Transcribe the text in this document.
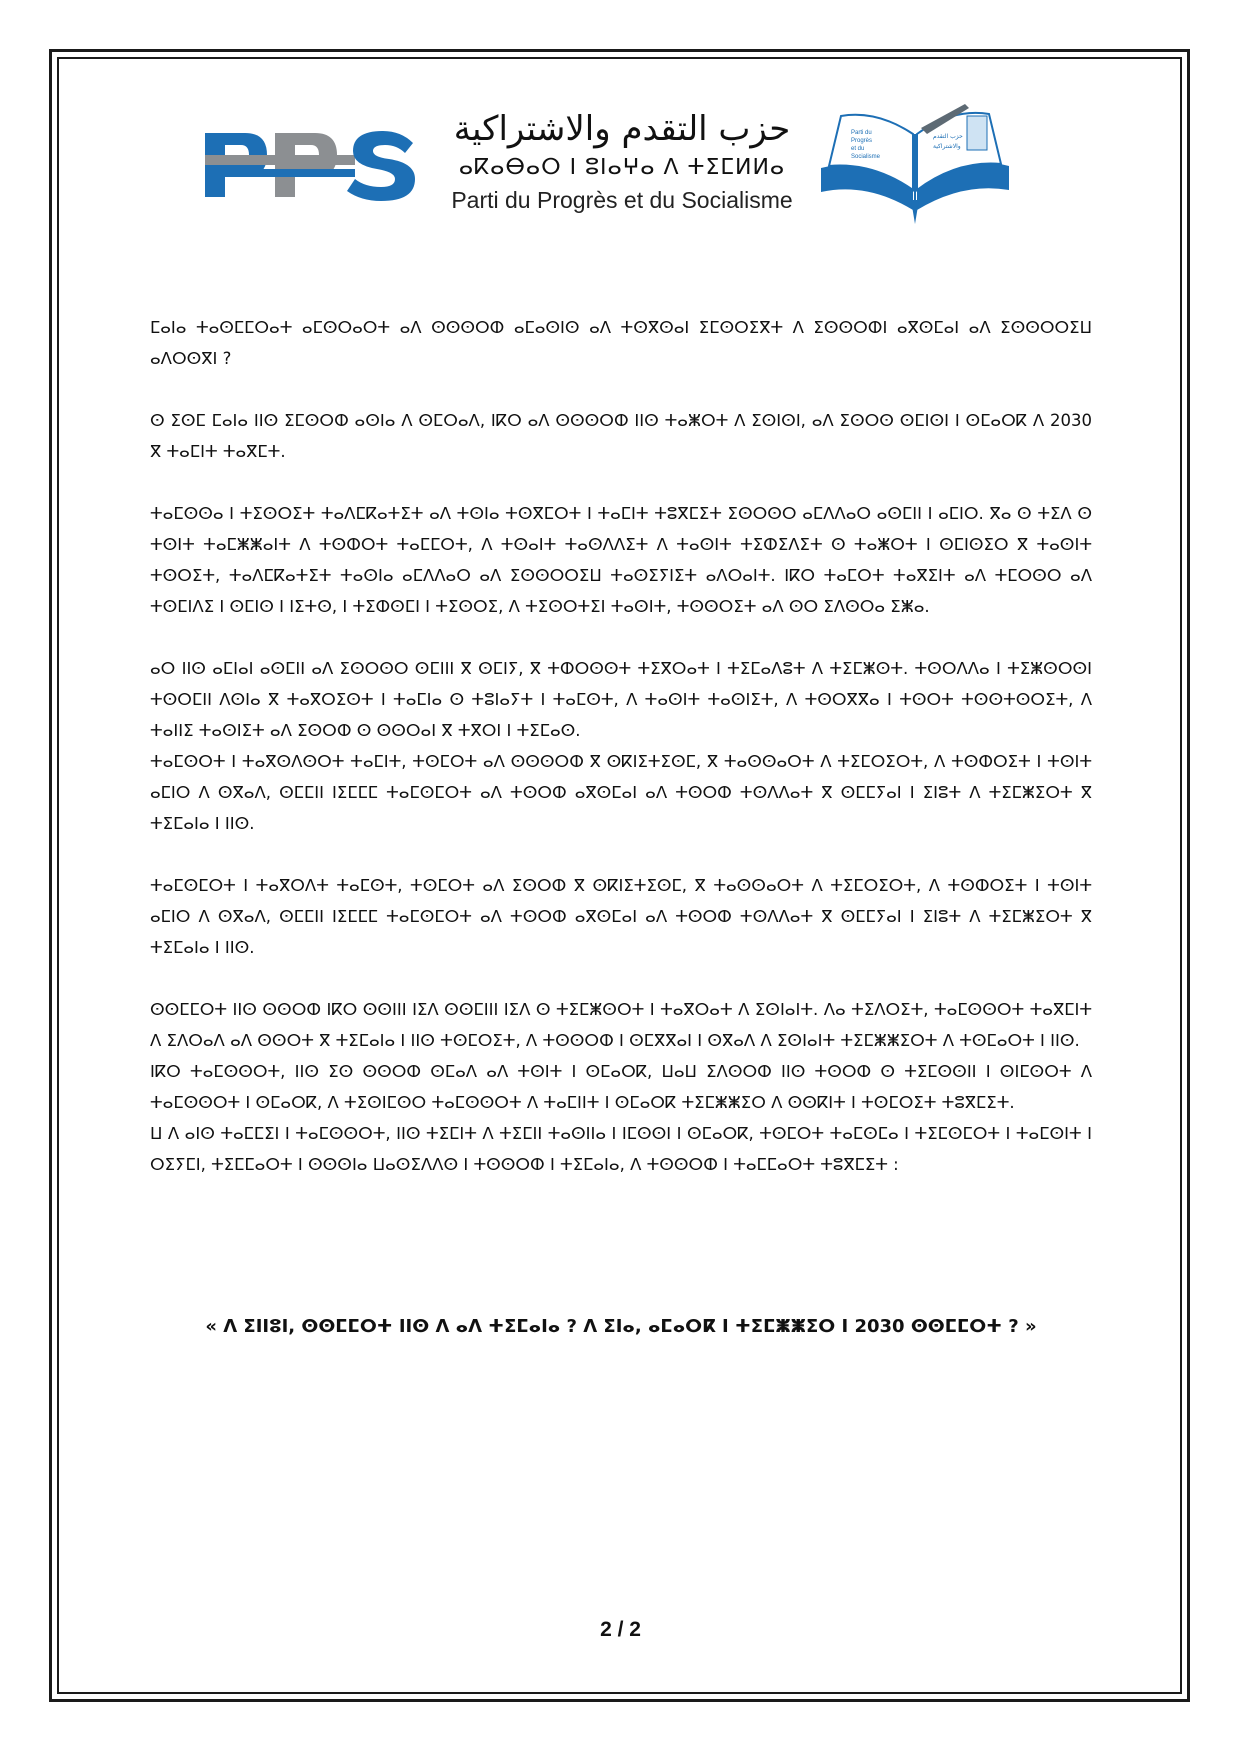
حزب التقدم والاشتراكية
ⴰⴽⴰⴱⴰⵔ ⵏ ⵓⵏⴰⵖⴰ ⴷ ⵜⵉⵎⵍⵍⴰ
Parti du Progrès et du Socialisme
Parti du
Progrès
et du
Socialisme
حزب التقدم
والاشتراكية

ⵎⴰⵏⴰ ⵜⴰⵙⵎⵎⵔⴰⵜ ⴰⵎⵙⵔⴰⵔⵜ ⴰⴷ ⵙⵙⵙⵔⵀ ⴰⵎⴰⵙⵏⵙ ⴰⴷ ⵜⵙⴳⵙⴰⵏ ⵉⵎⵙⵔⵉⴳⵜ ⴷ ⵉⵙⵙⵔⵀⵏ ⴰⴳⵙⵎⴰⵏ ⴰⴷ ⵉⵙⵙⵔⵔⵉⵡ ⴰⴷⵔⵙⴳⵏ ?

ⵙ ⵉⵙⵎ ⵎⴰⵏⴰ ⵏⵏⵙ ⵉⵎⵙⵔⵀ ⴰⵙⵏⴰ ⴷ ⵙⵎⵔⴰⴷ, ⵏⴽⵔ ⴰⴷ ⵙⵙⵙⵔⵀ ⵏⵏⵙ ⵜⴰⵥⵔⵜ ⴷ ⵉⵙⵏⵙⵏ, ⴰⴷ ⵉⵙⵔⵙ ⵙⵎⵏⵙⵏ ⵏ ⵙⵎⴰⵔⴽ ⴷ 2030 ⴳ ⵜⴰⵎⵏⵜ ⵜⴰⴳⵎⵜ.

ⵜⴰⵎⵙⵙⴰ ⵏ ⵜⵉⵙⵔⵉⵜ ⵜⴰⴷⵎⴽⴰⵜⵉⵜ ⴰⴷ ⵜⵙⵏⴰ ⵜⵙⴳⵎⵔⵜ ⵏ ⵜⴰⵎⵏⵜ ⵜⵓⴳⵎⵉⵜ ⵉⵙⵔⵙⵔ ⴰⵎⴷⴷⴰⵔ ⴰⵙⵎⵏⵏ ⵏ ⴰⵎⵏⵔ. ⴳⴰ ⵙ ⵜⵉⴷ ⵙ ⵜⵙⵏⵜ ⵜⴰⵎⵥⵥⴰⵏⵜ ⴷ ⵜⵙⵀⵔⵜ ⵜⴰⵎⵎⵔⵜ, ⴷ ⵜⵙⴰⵏⵜ ⵜⴰⵙⴷⴷⵉⵜ ⴷ ⵜⴰⵙⵏⵜ ⵜⵉⵀⵉⴷⵉⵜ ⵙ ⵜⴰⵥⵔⵜ ⵏ ⵙⵎⵏⵙⵉⵔ ⴳ ⵜⴰⵙⵏⵜ ⵜⵙⵔⵉⵜ, ⵜⴰⴷⵎⴽⴰⵜⵉⵜ ⵜⴰⵙⵏⴰ ⴰⵎⴷⴷⴰⵔ ⴰⴷ ⵉⵙⵙⵔⵔⵉⵡ ⵜⴰⵙⵉⵢⵏⵉⵜ ⴰⴷⵔⴰⵏⵜ. ⵏⴽⵔ ⵜⴰⵎⵔⵜ ⵜⴰⴳⵉⵏⵜ ⴰⴷ ⵜⵎⵔⵙⵔ ⴰⴷ ⵜⵙⵎⵏⴷⵉ ⵏ ⵙⵎⵏⵙ ⵏ ⵏⵉⵜⵙ, ⵏ ⵜⵉⵀⵙⵎⵏ ⵏ ⵜⵉⵙⵔⵉ, ⴷ ⵜⵉⵙⵔⵜⵉⵏ ⵜⴰⵙⵏⵜ, ⵜⵙⵙⵔⵉⵜ ⴰⴷ ⵙⵔ ⵉⴷⵙⵔⴰ ⵉⵥⴰ.

ⴰⵔ ⵏⵏⵙ ⴰⵎⵏⴰⵏ ⴰⵙⵎⵏⵏ ⴰⴷ ⵉⵙⵔⵙⵔ ⵙⵎⵏⵏⵏ ⴳ ⵙⵎⵏⵢ, ⴳ ⵜⵀⵔⵙⵙⵜ ⵜⵉⴳⵔⴰⵜ ⵏ ⵜⵉⵎⴰⴷⵓⵜ ⴷ ⵜⵉⵎⵥⵙⵜ. ⵜⵙⵔⴷⴷⴰ ⵏ ⵜⵉⵥⵙⵔⵙⵏ ⵜⵙⵔⵎⵏⵏ ⴷⵙⵏⴰ ⴳ ⵜⴰⴳⵔⵉⵙⵜ ⵏ ⵜⴰⵎⵏⴰ ⵙ ⵜⵓⵏⴰⵢⵜ ⵏ ⵜⴰⵎⵙⵜ, ⴷ ⵜⴰⵙⵏⵜ ⵜⴰⵙⵏⵉⵜ, ⴷ ⵜⵙⵔⴳⴳⴰ ⵏ ⵜⵙⵔⵜ ⵜⵙⵙⵜⵙⵔⵉⵜ, ⴷ ⵜⴰⵏⵏⵉ ⵜⴰⵙⵏⵉⵜ ⴰⴷ ⵉⵙⵔⵀ ⵙ ⵙⵙⵔⴰⵏ ⴳ ⵜⴳⵔⵏ ⵏ ⵜⵉⵎⴰⵙ.

ⵜⴰⵎⵙⵔⵜ ⵏ ⵜⴰⴳⵙⴷⵙⵔⵜ ⵜⴰⵎⵏⵜ, ⵜⵙⵎⵔⵜ ⴰⴷ ⵙⵙⵙⵔⵀ ⴳ ⵙⴽⵏⵉⵜⵉⵙⵎ, ⴳ ⵜⴰⵙⵙⴰⵔⵜ ⴷ ⵜⵉⵎⵔⵉⵔⵜ, ⴷ ⵜⵙⵀⵔⵉⵜ ⵏ ⵜⵙⵏⵜ ⴰⵎⵏⵔ ⴷ ⵙⴳⴰⴷ, ⵙⵎⵎⵏⵏ ⵏⵉⵎⵎⵎ ⵜⴰⵎⵙⵎⵔⵜ ⴰⴷ ⵜⵙⵔⵀ ⴰⴳⵙⵎⴰⵏ ⴰⴷ ⵜⵙⵔⵀ ⵜⵙⴷⴷⴰⵜ ⴳ ⵙⵎⵎⵢⴰⵏ ⵏ ⵉⵏⵓⵜ ⴷ ⵜⵉⵎⵥⵉⵔⵜ ⴳ ⵜⵉⵎⴰⵏⴰ ⵏ ⵏⵏⵙ.

ⵜⴰⵎⵙⵎⵔⵜ ⵏ ⵜⴰⴳⵔⴷⵜ ⵜⴰⵎⵙⵜ, ⵜⵙⵎⵔⵜ ⴰⴷ ⵉⵙⵔⵀ ⴳ ⵙⴽⵏⵉⵜⵉⵙⵎ, ⴳ ⵜⴰⵙⵙⴰⵔⵜ ⴷ ⵜⵉⵎⵔⵉⵔⵜ, ⴷ ⵜⵙⵀⵔⵉⵜ ⵏ ⵜⵙⵏⵜ ⴰⵎⵏⵔ ⴷ ⵙⴳⴰⴷ, ⵙⵎⵎⵏⵏ ⵏⵉⵎⵎⵎ ⵜⴰⵎⵙⵎⵔⵜ ⴰⴷ ⵜⵙⵔⵀ ⴰⴳⵙⵎⴰⵏ ⴰⴷ ⵜⵙⵔⵀ ⵜⵙⴷⴷⴰⵜ ⴳ ⵙⵎⵎⵢⴰⵏ ⵏ ⵉⵏⵓⵜ ⴷ ⵜⵉⵎⵥⵉⵔⵜ ⴳ ⵜⵉⵎⴰⵏⴰ ⵏ ⵏⵏⵙ.

ⵙⵙⵎⵎⵔⵜ ⵏⵏⵙ ⵙⵙⵔⵀ ⵏⴽⵔ ⵙⵙⵏⵏⵏ ⵏⵉⴷ ⵙⵙⵎⵏⵏⵏ ⵏⵉⴷ ⵙ ⵜⵉⵎⵥⵙⵔⵜ ⵏ ⵜⴰⴳⵔⴰⵜ ⴷ ⵉⵙⵏⴰⵏⵜ. ⴷⴰ ⵜⵉⴷⵔⵉⵜ, ⵜⴰⵎⵙⵙⵔⵜ ⵜⴰⴳⵎⵏⵜ ⴷ ⵉⴷⵔⴰⴷ ⴰⴷ ⵙⵙⵔⵜ ⴳ ⵜⵉⵎⴰⵏⴰ ⵏ ⵏⵏⵙ ⵜⵙⵎⵔⵉⵜ, ⴷ ⵜⵙⵙⵔⵀ ⵏ ⵙⵎⴳⴳⴰⵏ ⵏ ⵙⴳⴰⴷ ⴷ ⵉⵙⵏⴰⵏⵜ ⵜⵉⵎⵥⵥⵉⵔⵜ ⴷ ⵜⵙⵎⴰⵔⵜ ⵏ ⵏⵏⵙ.

ⵏⴽⵔ ⵜⴰⵎⵙⵙⵔⵜ, ⵏⵏⵙ ⵉⵙ ⵙⵙⵔⵀ ⵙⵎⴰⴷ ⴰⴷ ⵜⵙⵏⵜ ⵏ ⵙⵎⴰⵔⴽ, ⵡⴰⵡ ⵉⴷⵙⵔⵀ ⵏⵏⵙ ⵜⵙⵔⵀ ⵙ ⵜⵉⵎⵙⵙⵏⵏ ⵏ ⵙⵏⵎⵙⵔⵜ ⴷ ⵜⴰⵎⵙⵙⵔⵜ ⵏ ⵙⵎⴰⵔⴽ, ⴷ ⵜⵉⵙⵏⵎⵙⵔ ⵜⴰⵎⵙⵙⵔⵜ ⴷ ⵜⴰⵎⵏⵏⵜ ⵏ ⵙⵎⴰⵔⴽ ⵜⵉⵎⵥⵥⵉⵔ ⴷ ⵙⵙⴽⵏⵜ ⵏ ⵜⵙⵎⵔⵉⵜ ⵜⵓⴳⵎⵉⵜ.

ⵡ ⴷ ⴰⵏⵙ ⵜⴰⵎⵎⵉⵏ ⵏ ⵜⴰⵎⵙⵙⵔⵜ, ⵏⵏⵙ ⵜⵉⵎⵏⵜ ⴷ ⵜⵉⵎⵏⵏ ⵜⴰⵙⵏⵏⴰ ⵏ ⵏⵎⵙⵙⵏ ⵏ ⵙⵎⴰⵔⴽ, ⵜⵙⵎⵔⵜ ⵜⴰⵎⵙⵎⴰ ⵏ ⵜⵉⵎⵙⵎⵔⵜ ⵏ ⵜⴰⵎⵙⵏⵜ ⵏ ⵔⵉⵢⵎⵏ, ⵜⵉⵎⵎⴰⵔⵜ ⵏ ⵙⵙⵙⵏⴰ ⵡⴰⵙⵉⴷⴷⵙ ⵏ ⵜⵙⵙⵔⵀ ⵏ ⵜⵉⵎⴰⵏⴰ, ⴷ ⵜⵙⵙⵔⵀ ⵏ ⵜⴰⵎⵎⴰⵔⵜ ⵜⵓⴳⵎⵉⵜ :

« ⴷ ⵉⵏⵏⵓⵏ, ⵙⵙⵎⵎⵔⵜ ⵏⵏⵙ ⴷ ⴰⴷ ⵜⵉⵎⴰⵏⴰ ? ⴷ ⵉⵏⴰ, ⴰⵎⴰⵔⴽ ⵏ ⵜⵉⵎⵥⵥⵉⵔ ⵏ 2030 ⵙⵙⵎⵎⵔⵜ ? »
2 / 2
